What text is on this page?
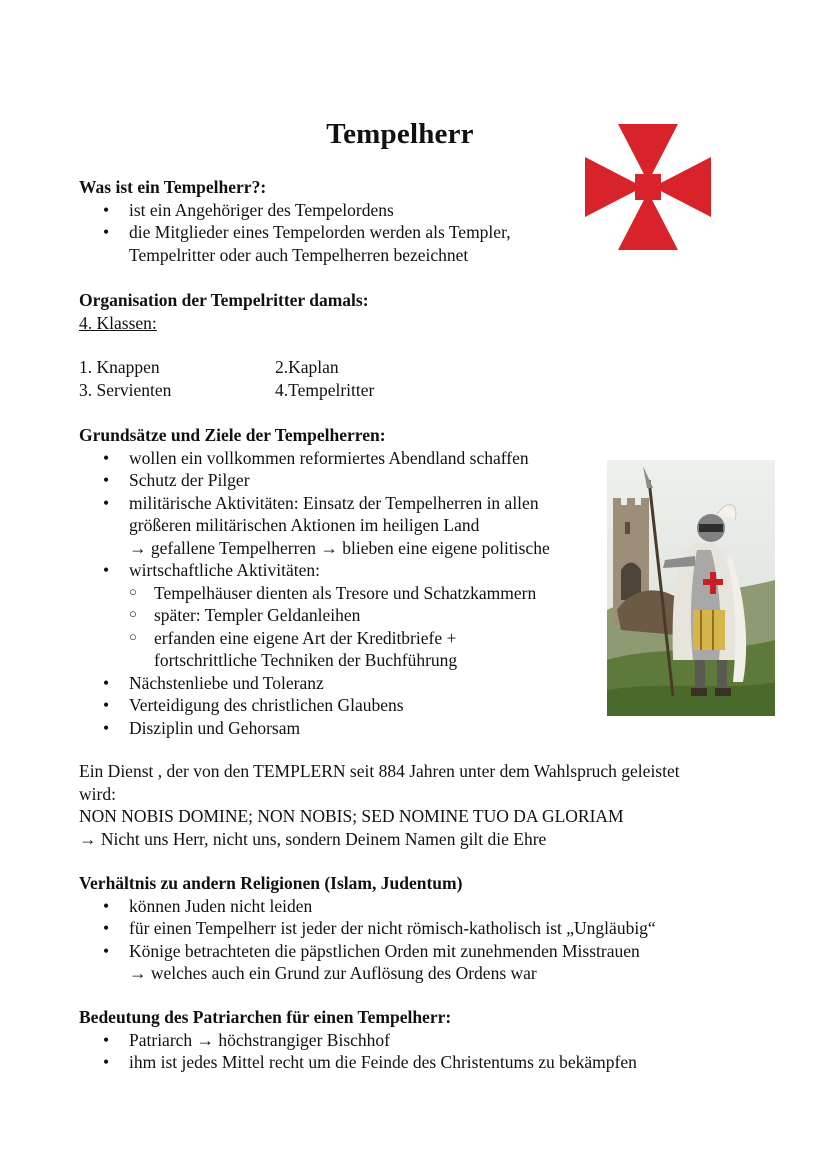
Tempelherr
Was ist ein Tempelherr?:
• ist ein Angehöriger des Tempelordens
• die Mitglieder eines Tempelorden werden als Templer,
Tempelritter oder auch Tempelherren bezeichnet
Organisation der Tempelritter damals:
4. Klassen:
1. Knappen	2.Kaplan
3. Servienten	4.Tempelritter
Grundsätze und Ziele der Tempelherren:
• wollen ein vollkommen reformiertes Abendland schaffen
• Schutz der Pilger
• militärische Aktivitäten: Einsatz der Tempelherren in allen
größeren militärischen Aktionen im heiligen Land
→ gefallene Tempelherren → blieben eine eigene politische
• wirtschaftliche Aktivitäten:
○ Tempelhäuser dienten als Tresore und Schatzkammern
○ später: Templer Geldanleihen
○ erfanden eine eigene Art der Kreditbriefe +
fortschrittliche Techniken der Buchführung
• Nächstenliebe und Toleranz
• Verteidigung des christlichen Glaubens
• Disziplin und Gehorsam
Ein Dienst , der von den TEMPLERN seit 884 Jahren unter dem Wahlspruch geleistet
wird:
NON NOBIS DOMINE; NON NOBIS; SED NOMINE TUO DA GLORIAM
→ Nicht uns Herr, nicht uns, sondern Deinem Namen gilt die Ehre
Verhältnis zu andern Religionen (Islam, Judentum)
• können Juden nicht leiden
• für einen Tempelherr ist jeder der nicht römisch-katholisch ist „Ungläubig“
• Könige betrachteten die päpstlichen Orden mit zunehmenden Misstrauen
→ welches auch ein Grund zur Auflösung des Ordens war
Bedeutung des Patriarchen für einen Tempelherr:
• Patriarch → höchstrangiger Bischhof
• ihm ist jedes Mittel recht um die Feinde des Christentums zu bekämpfen
